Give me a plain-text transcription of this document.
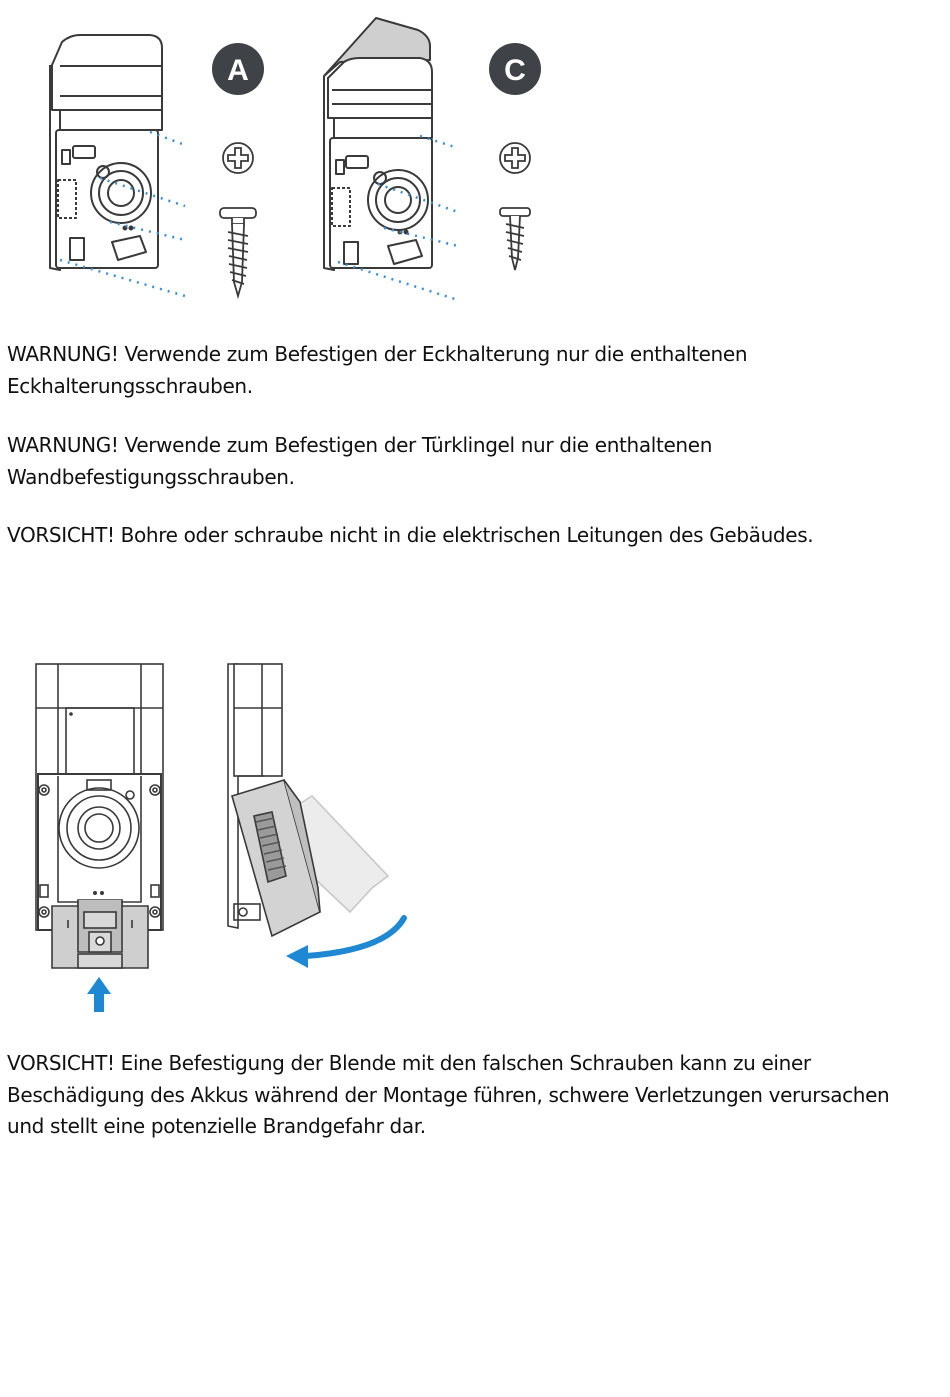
A	C
WARNUNG! Verwende zum Befestigen der Eckhalterung nur die enthaltenen Eckhalterungsschrauben.
WARNUNG! Verwende zum Befestigen der Türklingel nur die enthaltenen Wandbefestigungsschrauben.
VORSICHT! Bohre oder schraube nicht in die elektrischen Leitungen des Gebäudes.
VORSICHT! Eine Befestigung der Blende mit den falschen Schrauben kann zu einer Beschädigung des Akkus während der Montage führen, schwere Verletzungen verursachen und stellt eine potenzielle Brandgefahr dar.
